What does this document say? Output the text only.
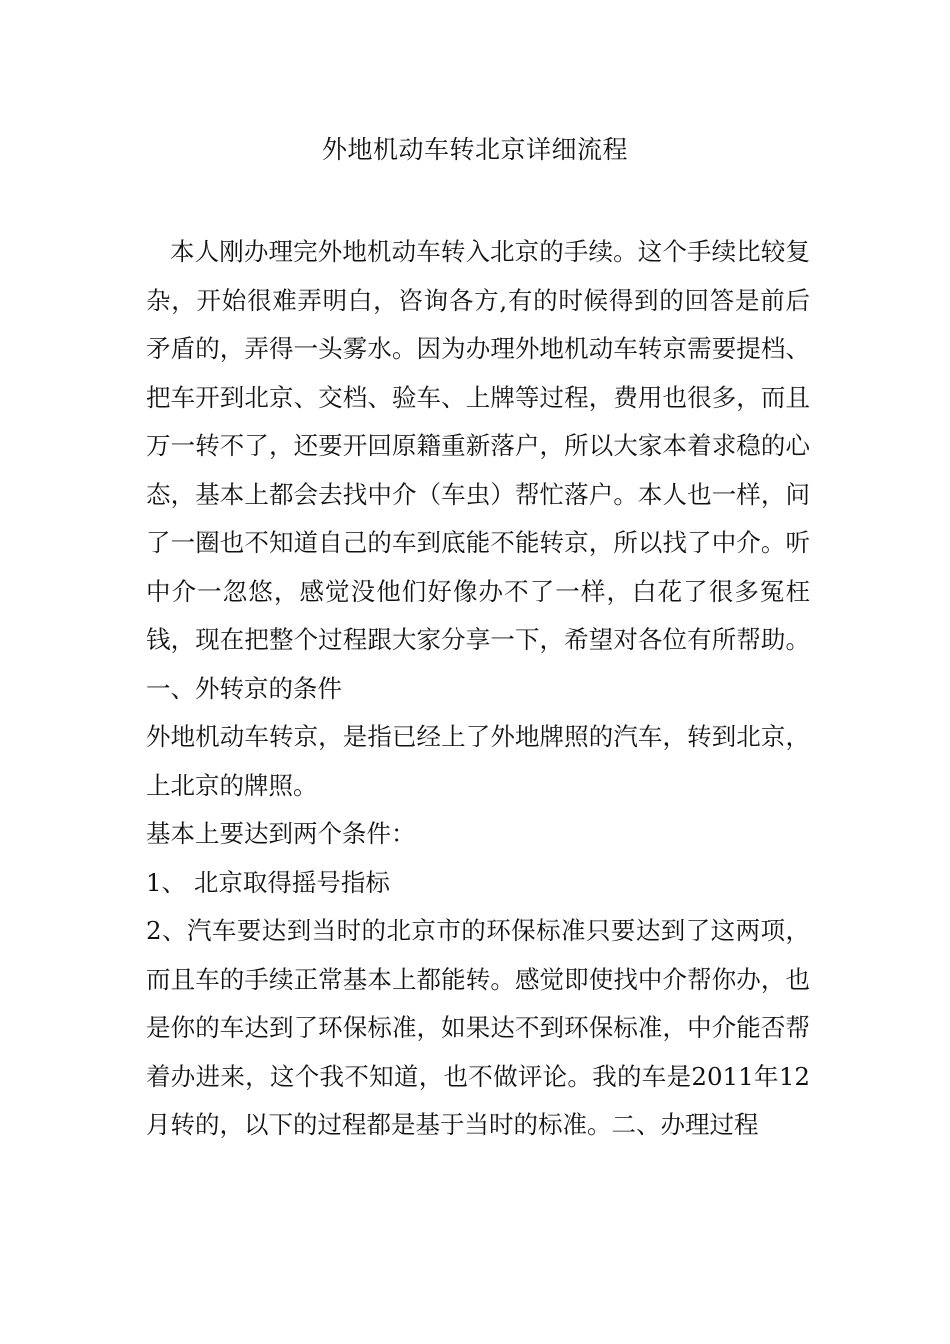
外地机动车转北京详细流程

本人刚办理完外地机动车转入北京的手续。这个手续比较复杂，开始很难弄明白，咨询各方,有的时候得到的回答是前后矛盾的，弄得一头雾水。因为办理外地机动车转京需要提档、把车开到北京、交档、验车、上牌等过程，费用也很多，而且万一转不了，还要开回原籍重新落户，所以大家本着求稳的心态，基本上都会去找中介（车虫）帮忙落户。本人也一样，问了一圈也不知道自己的车到底能不能转京，所以找了中介。听中介一忽悠，感觉没他们好像办不了一样，白花了很多冤枉钱，现在把整个过程跟大家分享一下，希望对各位有所帮助。一、外转京的条件

外地机动车转京，是指已经上了外地牌照的汽车，转到北京，上北京的牌照。

基本上要达到两个条件：

1、 北京取得摇号指标

2、汽车要达到当时的北京市的环保标准只要达到了这两项，而且车的手续正常基本上都能转。感觉即使找中介帮你办，也是你的车达到了环保标准，如果达不到环保标准，中介能否帮着办进来，这个我不知道，也不做评论。我的车是2011年12月转的，以下的过程都是基于当时的标准。二、办理过程
